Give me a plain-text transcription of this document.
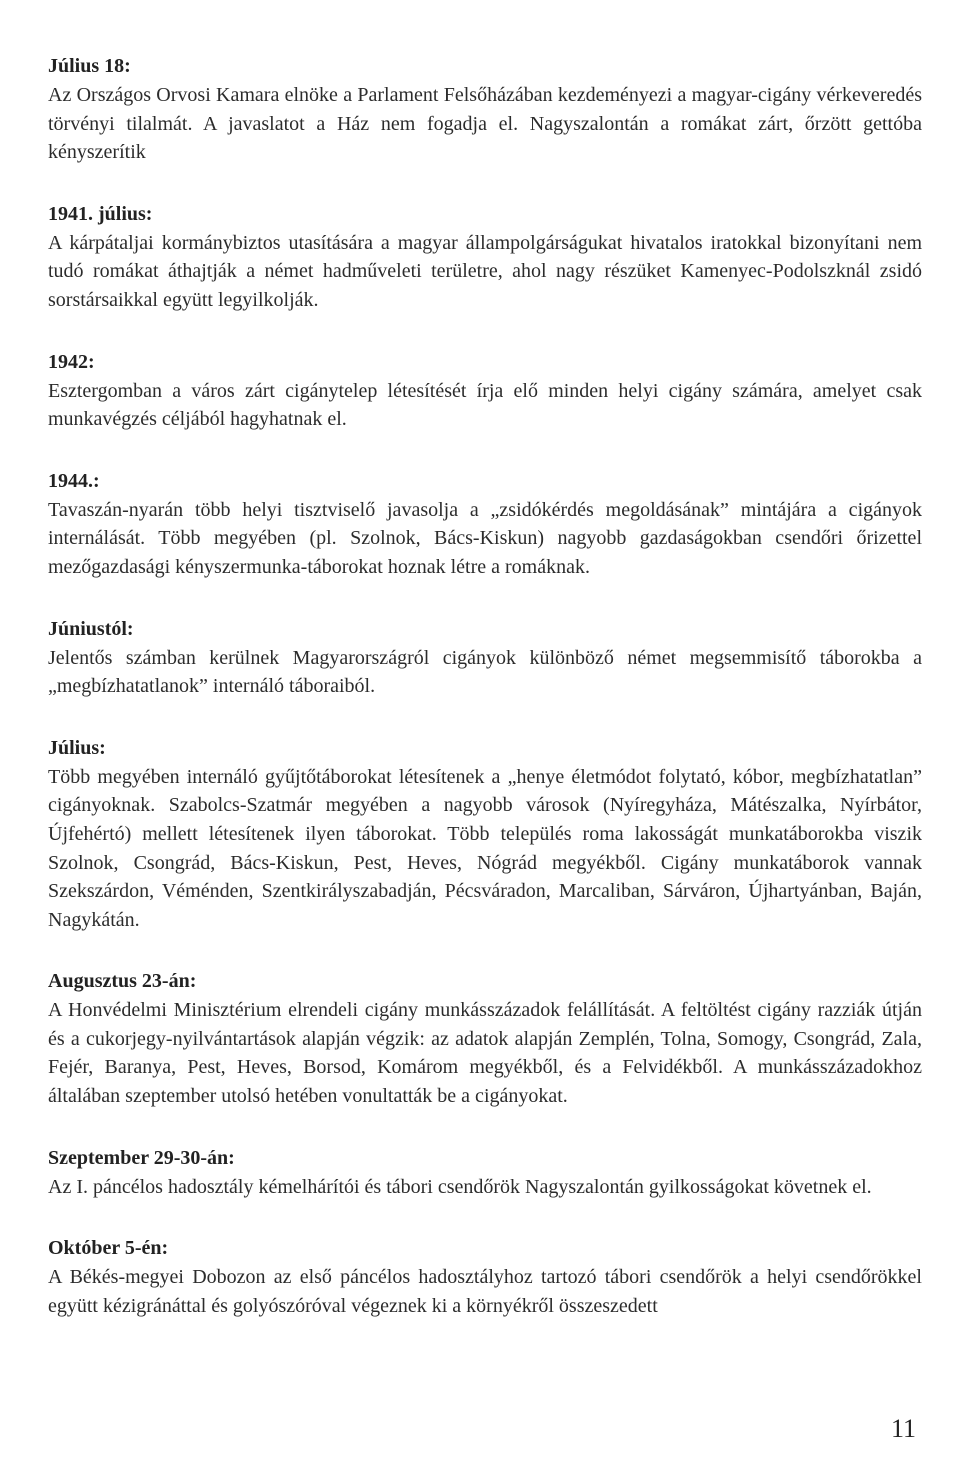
Július 18:
Az Országos Orvosi Kamara elnöke a Parlament Felsőházában kezdeményezi a magyar-cigány vérkeveredés törvényi tilalmát. A javaslatot a Ház nem fogadja el. Nagyszalontán a romákat zárt, őrzött gettóba kényszerítik
1941. július:
A kárpátaljai kormánybiztos utasítására a magyar állampolgárságukat hivatalos iratokkal bizonyítani nem tudó romákat áthajtják a német hadműveleti területre, ahol nagy részüket Kamenyec-Podolszknál zsidó sorstársaikkal együtt legyilkolják.
1942:
Esztergomban a város zárt cigánytelep létesítését írja elő minden helyi cigány számára, amelyet csak munkavégzés céljából hagyhatnak el.
1944.:
Tavaszán-nyarán több helyi tisztviselő javasolja a „zsidókérdés megoldásának” mintájára a cigányok internálását. Több megyében (pl. Szolnok, Bács-Kiskun) nagyobb gazdaságokban csendőri őrizettel mezőgazdasági kényszermunka-táborokat hoznak létre a romáknak.
Júniustól:
Jelentős számban kerülnek Magyarországról cigányok különböző német megsemmisítő táborokba a „megbízhatatlanok” internáló táboraiból.
Július:
Több megyében internáló gyűjtőtáborokat létesítenek a „henye életmódot folytató, kóbor, megbízhatatlan” cigányoknak. Szabolcs-Szatmár megyében a nagyobb városok (Nyíregyháza, Mátészalka, Nyírbátor, Újfehértó) mellett létesítenek ilyen táborokat. Több település roma lakosságát munkatáborokba viszik Szolnok, Csongrád, Bács-Kiskun, Pest, Heves, Nógrád megyékből. Cigány munkatáborok vannak Szekszárdon, Véménden, Szentkirályszabadján, Pécsváradon, Marcaliban, Sárváron, Újhartyánban, Baján, Nagykátán.
Augusztus 23-án:
A Honvédelmi Minisztérium elrendeli cigány munkásszázadok felállítását. A feltöltést cigány razziák útján és a cukorjegy-nyilvántartások alapján végzik: az adatok alapján Zemplén, Tolna, Somogy, Csongrád, Zala, Fejér, Baranya, Pest, Heves, Borsod, Komárom megyékből, és a Felvidékből. A munkásszázadokhoz általában szeptember utolsó hetében vonultatták be a cigányokat.
Szeptember 29-30-án:
Az I. páncélos hadosztály kémelhárítói és tábori csendőrök Nagyszalontán gyilkosságokat követnek el.
Október 5-én:
A Békés-megyei Dobozon az első páncélos hadosztályhoz tartozó tábori csendőrök a helyi csendőrökkel együtt kézigránáttal és golyószóróval végeznek ki a környékről összeszedett
11
